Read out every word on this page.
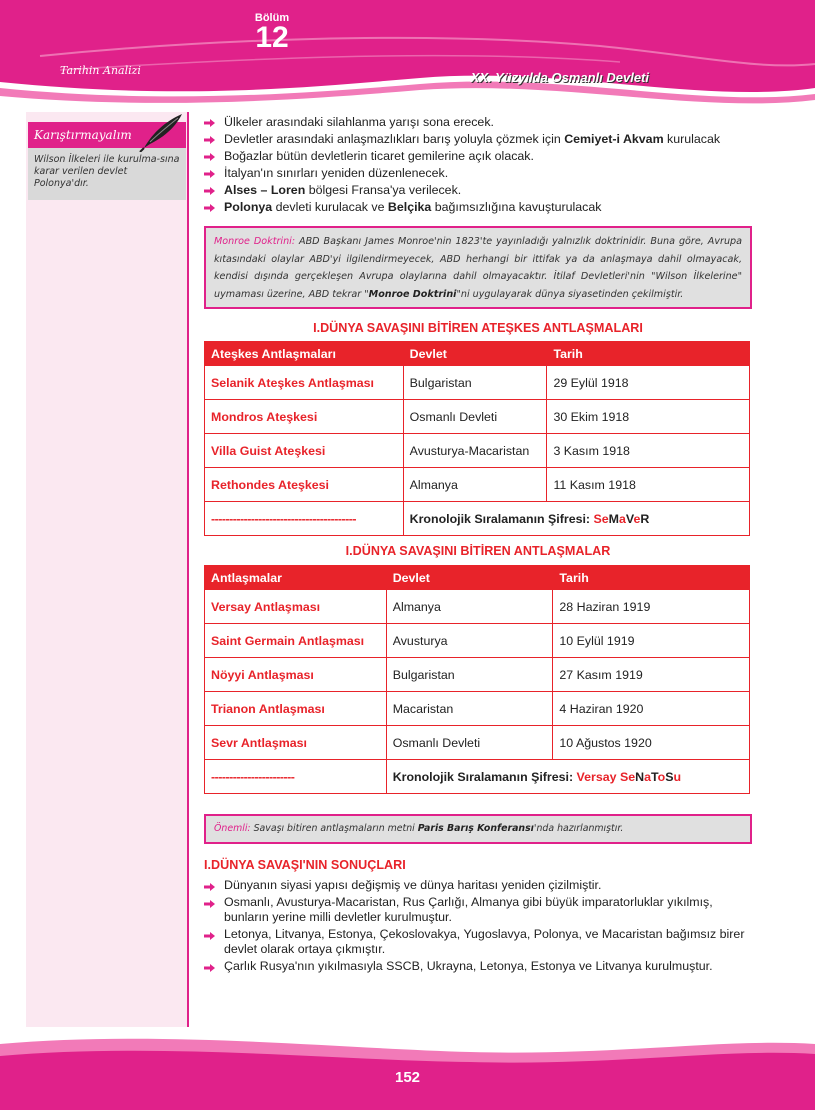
Bölüm
12
Tarihin Analizi	XX. Yüzyılda Osmanlı Devleti
Karıştırmayalım
Wilson İlkeleri ile kurulma-sına karar verilen devlet Polonya'dır.
Ülkeler arasındaki silahlanma yarışı sona erecek.
Devletler arasındaki anlaşmazlıkları barış yoluyla çözmek için Cemiyet-i Akvam kurulacak
Boğazlar bütün devletlerin ticaret gemilerine açık olacak.
İtalyan'ın sınırları yeniden düzenlenecek.
Alses – Loren bölgesi Fransa'ya verilecek.
Polonya devleti kurulacak ve Belçika bağımsızlığına kavuşturulacak
Monroe Doktrini: ABD Başkanı James Monroe'nin 1823'te yayınladığı yalnızlık doktrinidir. Buna göre, Avrupa kıtasındaki olaylar ABD'yi ilgilendirmeyecek, ABD herhangi bir ittifak ya da anlaşmaya dahil olmayacak, kendisi dışında gerçekleşen Avrupa olaylarına dahil olmayacaktır. İtilaf Devletleri'nin "Wilson İlkelerine" uymaması üzerine, ABD tekrar "Monroe Doktrini"ni uygulayarak dünya siyasetinden çekilmiştir.
I.DÜNYA SAVAŞINI BİTİREN ATEŞKES ANTLAŞMALARI
Ateşkes Antlaşmaları	Devlet	Tarih
Selanik Ateşkes Antlaşması	Bulgaristan	29 Eylül 1918
Mondros Ateşkesi	Osmanlı Devleti	30 Ekim 1918
Villa Guist Ateşkesi	Avusturya-Macaristan	3 Kasım 1918
Rethondes Ateşkesi	Almanya	11 Kasım 1918
----------------------------------------	Kronolojik Sıralamanın Şifresi: SeMaVeR	
I.DÜNYA SAVAŞINI BİTİREN ANTLAŞMALAR
Antlaşmalar	Devlet	Tarih
Versay Antlaşması	Almanya	28 Haziran 1919
Saint Germain Antlaşması	Avusturya	10 Eylül 1919
Nöyyi Antlaşması	Bulgaristan	27 Kasım 1919
Trianon Antlaşması	Macaristan	4 Haziran 1920
Sevr Antlaşması	Osmanlı Devleti	10 Ağustos 1920
-----------------------	Kronolojik Sıralamanın Şifresi: Versay SeNaToSu	
Önemli: Savaşı bitiren antlaşmaların metni Paris Barış Konferansı'nda hazırlanmıştır.
I.DÜNYA SAVAŞI'NIN SONUÇLARI
Dünyanın siyasi yapısı değişmiş ve dünya haritası yeniden çizilmiştir.
Osmanlı, Avusturya-Macaristan, Rus Çarlığı, Almanya gibi büyük imparatorluklar yıkılmış, bunların yerine milli devletler kurulmuştur.
Letonya, Litvanya, Estonya, Çekoslovakya, Yugoslavya, Polonya, ve Macaristan bağımsız birer devlet olarak ortaya çıkmıştır.
Çarlık Rusya'nın yıkılmasıyla SSCB, Ukrayna, Letonya, Estonya ve Litvanya kurulmuştur.
152
